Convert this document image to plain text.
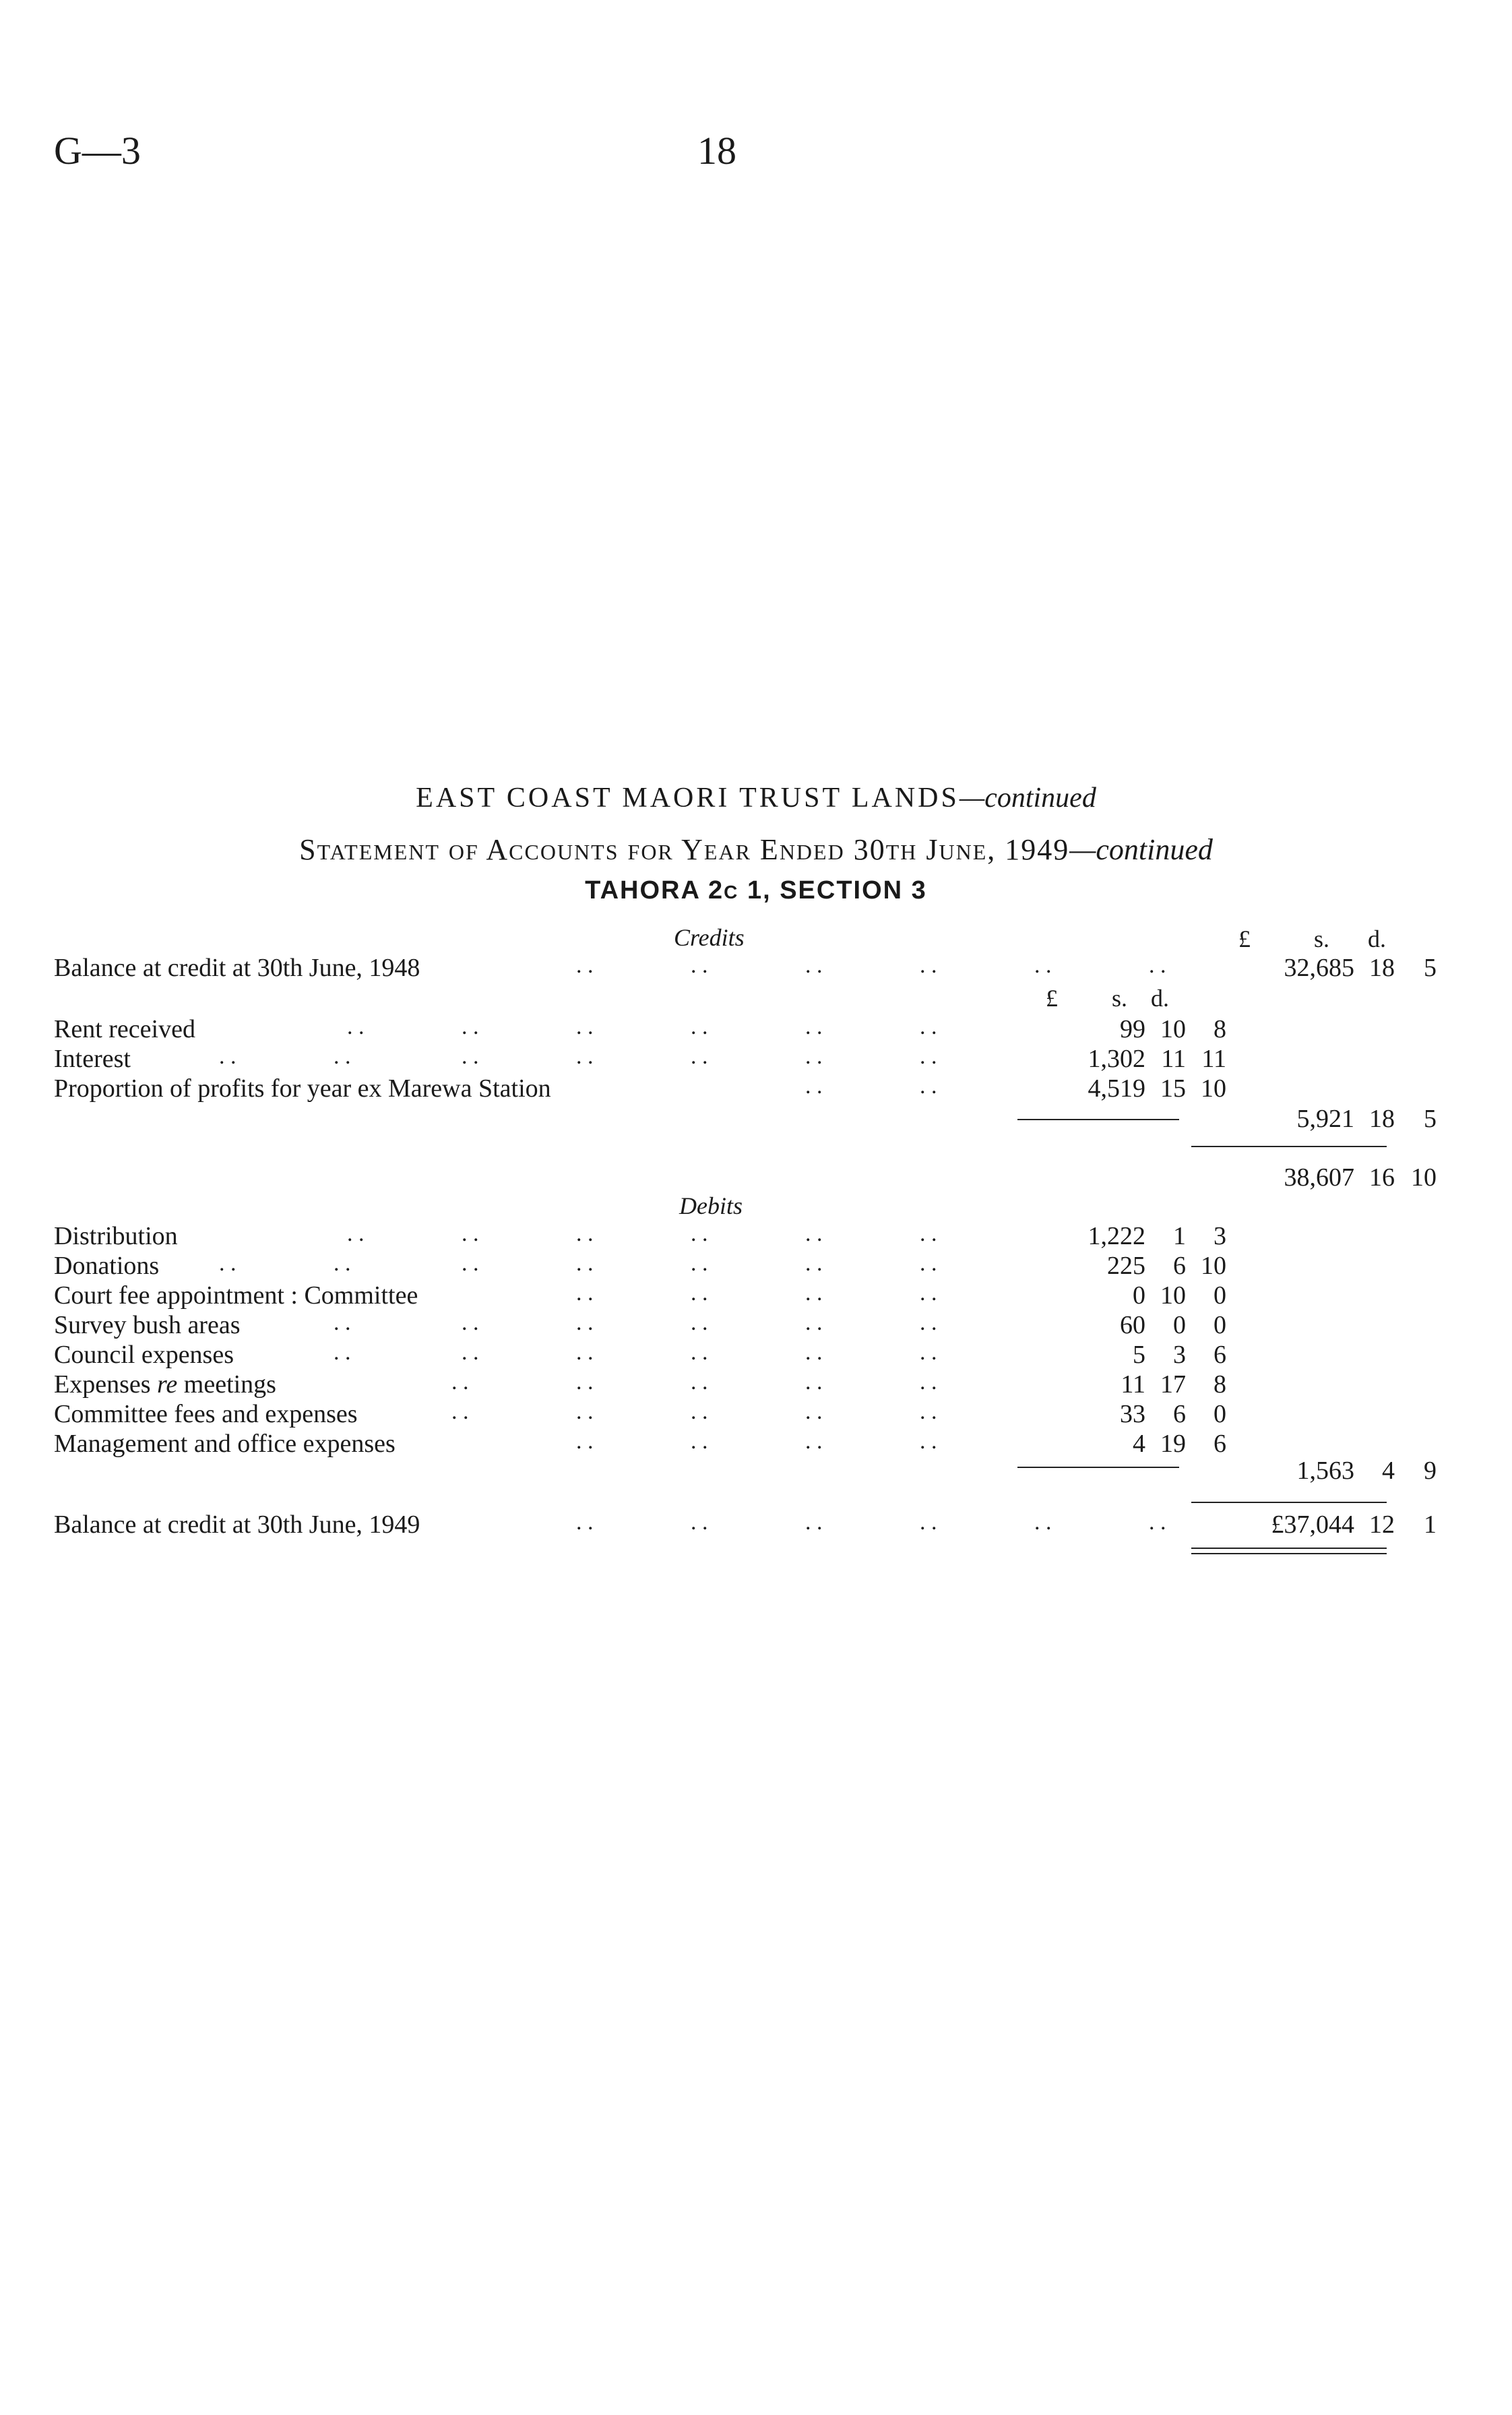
G—3	18
EAST COAST MAORI TRUST LANDS—continued
STATEMENT OF ACCOUNTS FOR YEAR ENDED 30TH JUNE, 1949—continued
TAHORA 2C 1, SECTION 3
Credits	£	s. d.
Balance at credit at 30th June, 1948	. .	. .	. .	. .	. .	. .	32,685 18	5
£ s. d.
Rent received	. .	. .	. .	. .	. .	. .	99 10	8
Interest	. .	. .	. .	. .	. .	. .	. .	1,302 11 11
Proportion of profits for year ex Marewa Station	. .	. .	4,519 15 10
5,921 18	5
38,607 16 10
Debits
Distribution	. .	. .	. .	. .	. .	. .	1,222	1	3
Donations	. .	. .	. .	. .	. .	. .	. .	225	6 10
Court fee appointment : Committee	. .	. .	. .	. .	0 10	0
Survey bush areas	. .	. .	. .	. .	. .	. .	60	0	0
Council expenses	. .	. .	. .	. .	. .	. .	5	3	6
Expenses re meetings	. .	. .	. .	. .	. .	11 17	8
Committee fees and expenses	. .	. .	. .	. .	. .	33	6	0
Management and office expenses	. .	. .	. .	. .	4 19	6
1,563	4	9
Balance at credit at 30th June, 1949	. .	. .	. .	. .	. .	. .	£37,044 12	1
